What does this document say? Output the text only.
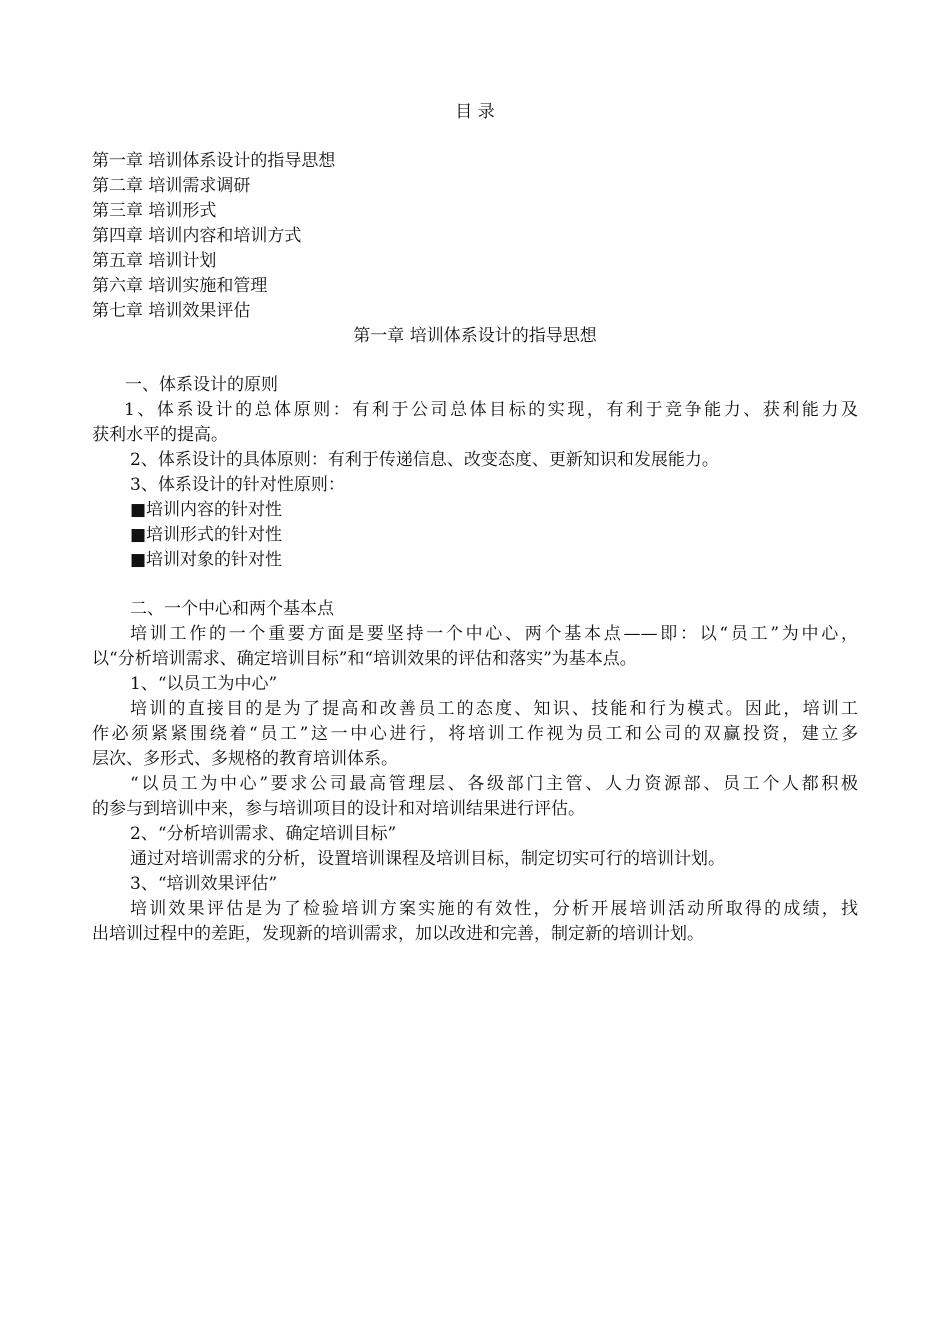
目 录
第一章 培训体系设计的指导思想
第二章 培训需求调研
第三章 培训形式
第四章 培训内容和培训方式
第五章 培训计划
第六章 培训实施和管理
第七章 培训效果评估
第一章 培训体系设计的指导思想
一、体系设计的原则
1、体系设计的总体原则：有利于公司总体目标的实现，有利于竞争能力、获利能力及
获利水平的提高。
2、体系设计的具体原则：有利于传递信息、改变态度、更新知识和发展能力。
3、体系设计的针对性原则：
■培训内容的针对性
■培训形式的针对性
■培训对象的针对性
二、一个中心和两个基本点
培训工作的一个重要方面是要坚持一个中心、两个基本点——即：以“员工”为中心，
以“分析培训需求、确定培训目标”和“培训效果的评估和落实”为基本点。
1、“以员工为中心”
培训的直接目的是为了提高和改善员工的态度、知识、技能和行为模式。因此，培训工
作必须紧紧围绕着“员工”这一中心进行，将培训工作视为员工和公司的双赢投资，建立多
层次、多形式、多规格的教育培训体系。
“以员工为中心”要求公司最高管理层、各级部门主管、人力资源部、员工个人都积极
的参与到培训中来，参与培训项目的设计和对培训结果进行评估。
2、“分析培训需求、确定培训目标”
通过对培训需求的分析，设置培训课程及培训目标，制定切实可行的培训计划。
3、“培训效果评估”
培训效果评估是为了检验培训方案实施的有效性，分析开展培训活动所取得的成绩，找
出培训过程中的差距，发现新的培训需求，加以改进和完善，制定新的培训计划。
